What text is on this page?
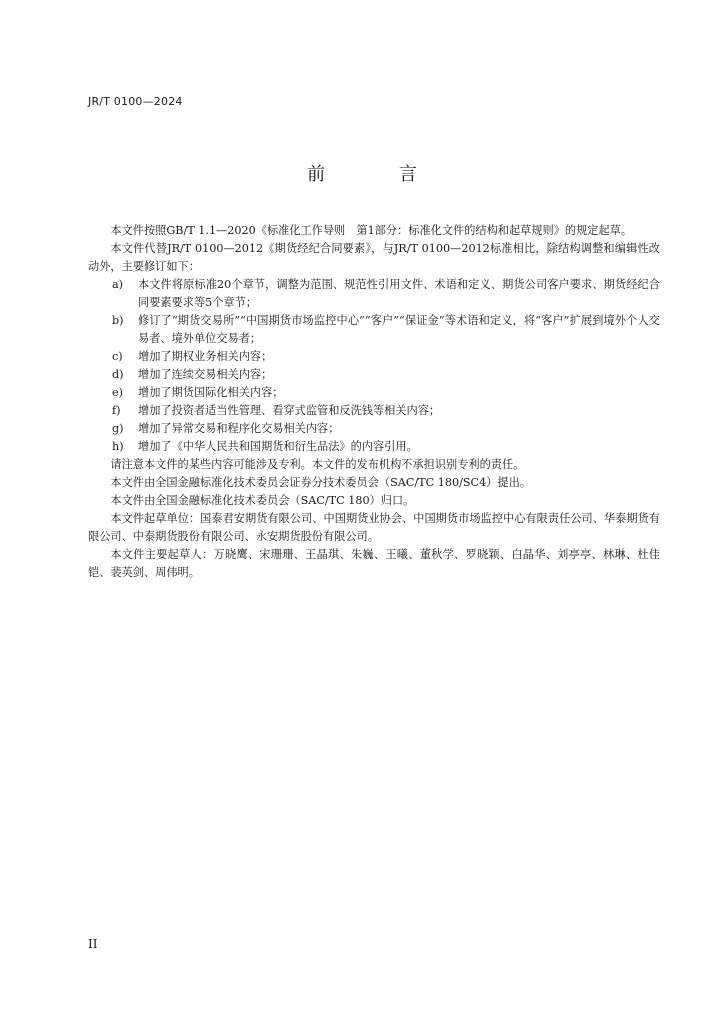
JR/T 0100—2024
前 言

本文件按照GB/T 1.1—2020《标准化工作导则　第1部分：标准化文件的结构和起草规则》的规定起草。

本文件代替JR/T 0100—2012《期货经纪合同要素》，与JR/T 0100—2012标准相比，除结构调整和编辑性改动外，主要修订如下：

a) 本文件将原标准20个章节，调整为范围、规范性引用文件、术语和定义、期货公司客户要求、期货经纪合同要素要求等5个章节；

b) 修订了“期货交易所”“中国期货市场监控中心”“客户”“保证金”等术语和定义，将“客户”扩展到境外个人交易者、境外单位交易者；

c) 增加了期权业务相关内容；

d) 增加了连续交易相关内容；

e) 增加了期货国际化相关内容；

f) 增加了投资者适当性管理、看穿式监管和反洗钱等相关内容；

g) 增加了异常交易和程序化交易相关内容；

h) 增加了《中华人民共和国期货和衍生品法》的内容引用。

请注意本文件的某些内容可能涉及专利。本文件的发布机构不承担识别专利的责任。

本文件由全国金融标准化技术委员会证券分技术委员会（SAC/TC 180/SC4）提出。

本文件由全国金融标准化技术委员会（SAC/TC 180）归口。

本文件起草单位：国泰君安期货有限公司、中国期货业协会、中国期货市场监控中心有限责任公司、华泰期货有限公司、中泰期货股份有限公司、永安期货股份有限公司。

本文件主要起草人：万晓鹰、宋珊珊、王晶琪、朱巍、王曦、董秋学、罗晓颖、白晶华、刘亭亭、林琳、杜佳铠、裴英剑、周伟明。

II
